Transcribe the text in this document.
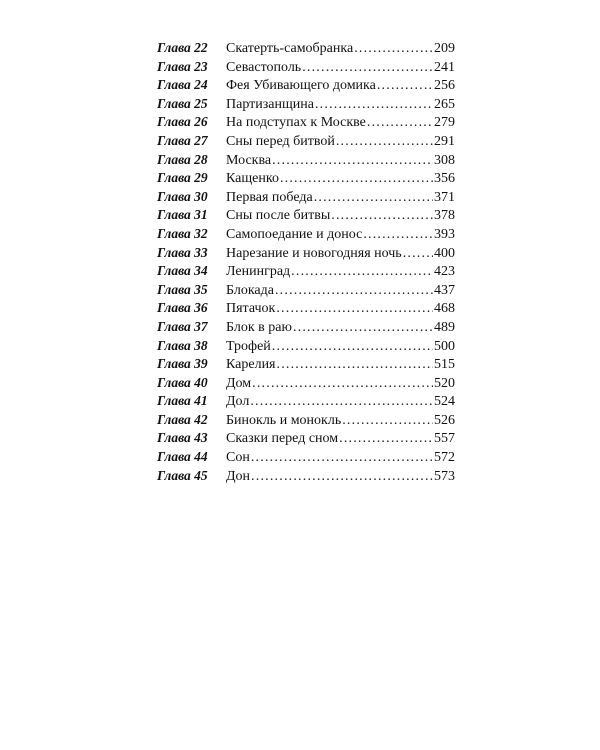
Глава 22	Скатерть-самобранка .....	209
Глава 23	Севастополь .....	241
Глава 24	Фея Убивающего домика .....	256
Глава 25	Партизанщина .....	265
Глава 26	На подступах к Москве .....	279
Глава 27	Сны перед битвой .....	291
Глава 28	Москва .....	308
Глава 29	Кащенко .....	356
Глава 30	Первая победа .....	371
Глава 31	Сны после битвы .....	378
Глава 32	Самопоедание и донос .....	393
Глава 33	Нарезание и новогодняя ночь ..... 400
Глава 34	Ленинград .....	423
Глава 35	Блокада .....	437
Глава 36	Пятачок .....	468
Глава 37	Блок в раю .....	489
Глава 38	Трофей .....	500
Глава 39	Карелия .....	515
Глава 40	Дом .....	520
Глава 41	Дол .....	524
Глава 42	Бинокль и монокль .....	526
Глава 43	Сказки перед сном .....	557
Глава 44	Сон .....	572
Глава 45	Дон .....	573
